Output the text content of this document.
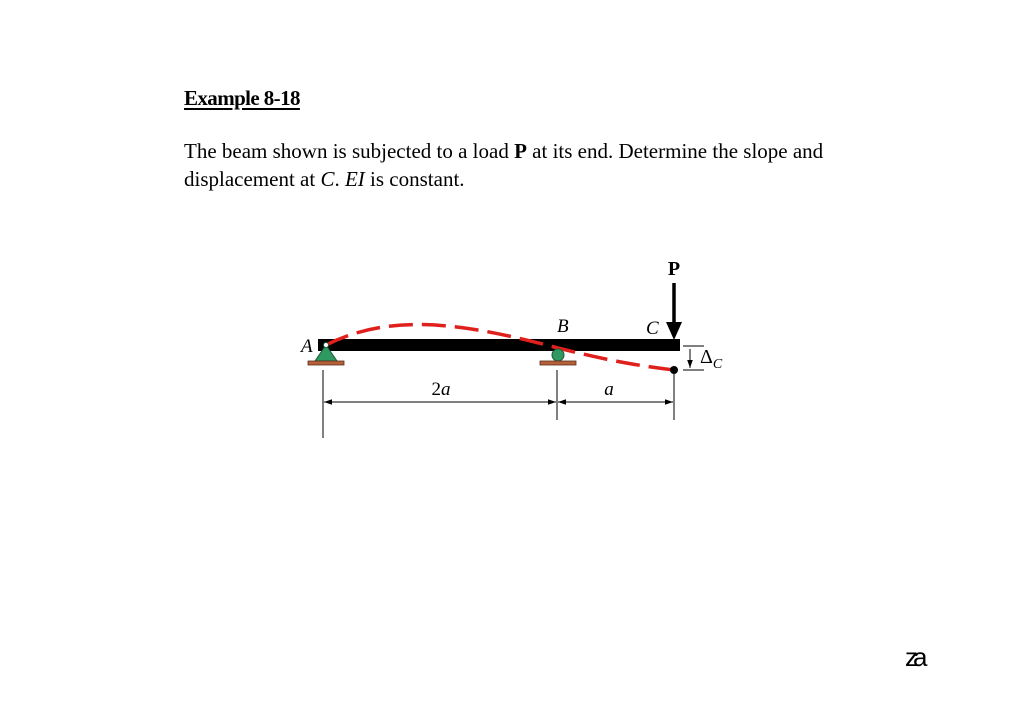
Example 8-18
The beam shown is subjected to a load P at its end. Determine the slope and displacement at C. EI is constant.
P
A
B	C
$\Delta_C$
2a	a
za
